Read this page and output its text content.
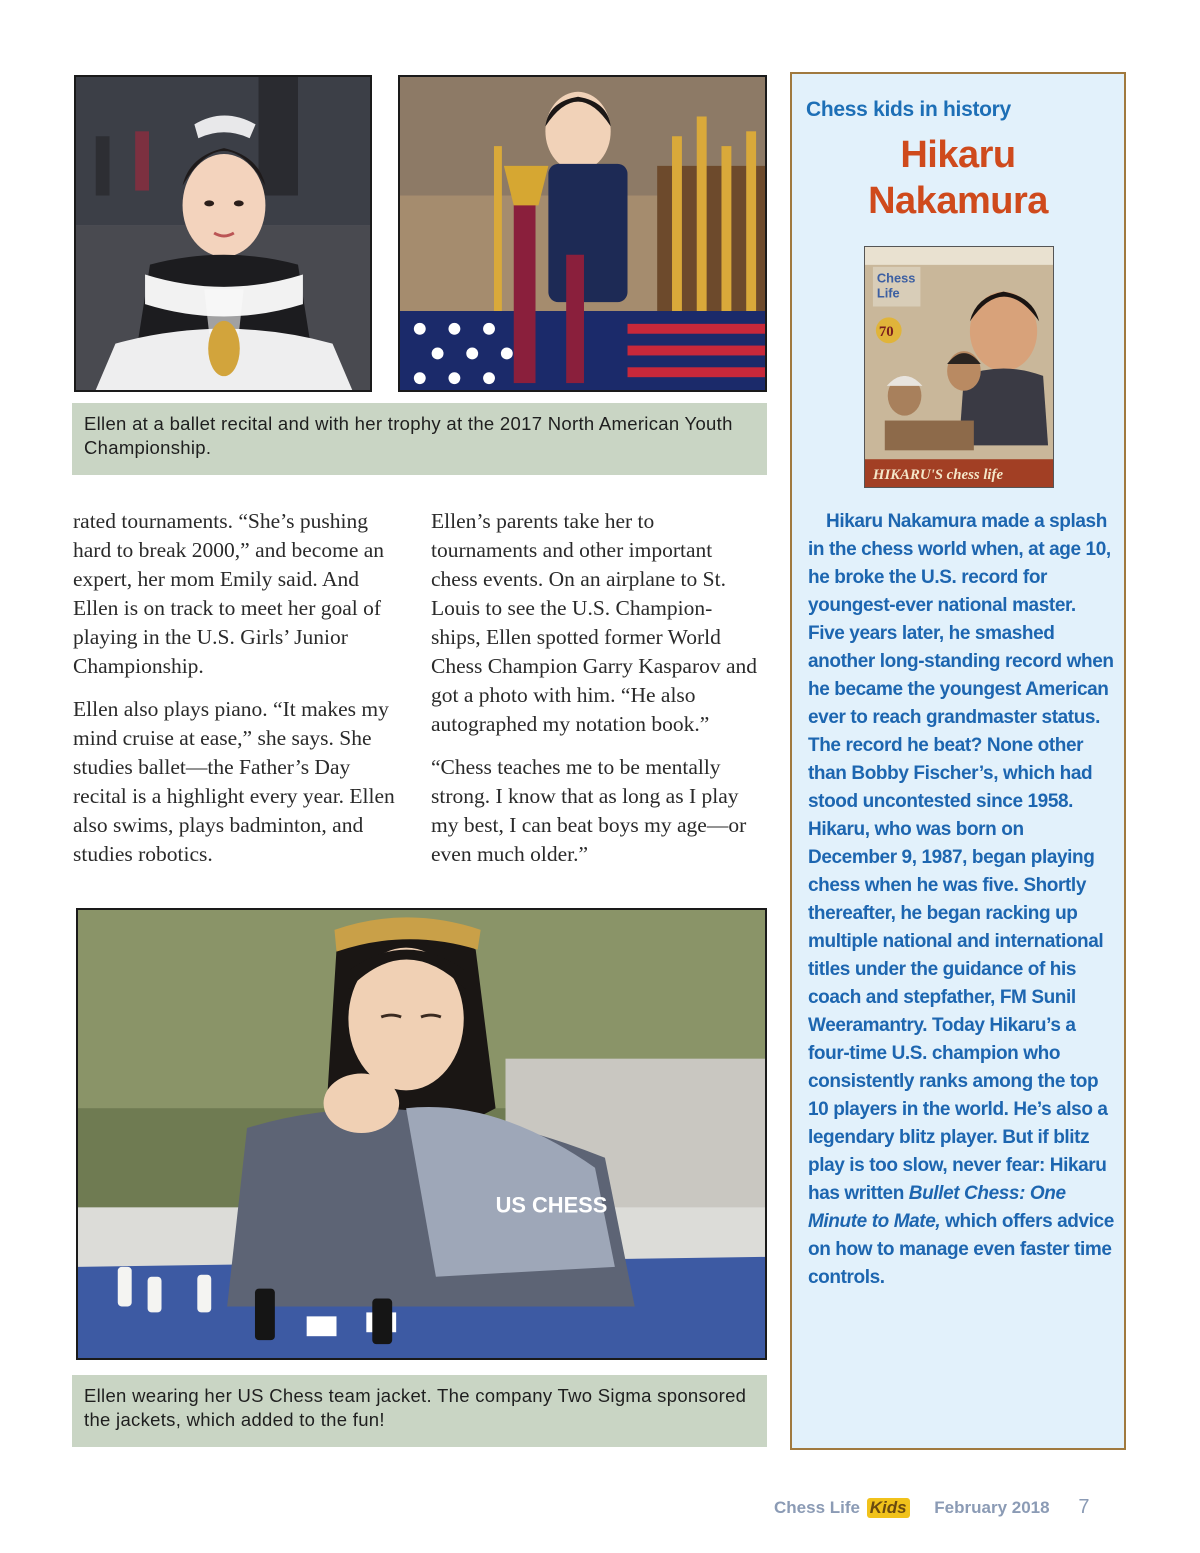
Ellen at a ballet recital and with her trophy at the 2017 North American Youth Championship.

rated tournaments. “She’s pushing hard to break 2000,” and become an expert, her mom Emily said. And Ellen is on track to meet her goal of playing in the U.S. Girls’ Junior Championship.

Ellen also plays piano. “It makes my mind cruise at ease,” she says. She studies ballet—the Father’s Day recital is a highlight every year. Ellen also swims, plays badminton, and studies robotics.

Ellen’s parents take her to tournaments and other important chess events. On an airplane to St. Louis to see the U.S. Champion-ships, Ellen spotted former World Chess Champion Garry Kasparov and got a photo with him. “He also autographed my notation book.”

“Chess teaches me to be mentally strong. I know that as long as I play my best, I can beat boys my age—or even much older.”

US CHESS
Ellen wearing her US Chess team jacket. The company Two Sigma sponsored the jackets, which added to the fun!
Chess kids in history
Hikaru
Nakamura
Chess
Life
70
HIKARU'S chess life
Hikaru Nakamura made a splash in the chess world when, at age 10, he broke the U.S. record for youngest-ever national master. Five years later, he smashed another long-standing record when he became the youngest American ever to reach grandmaster status. The record he beat? None other than Bobby Fischer’s, which had stood uncontested since 1958. Hikaru, who was born on December 9, 1987, began playing chess when he was five. Shortly thereafter, he began racking up multiple national and international titles under the guidance of his coach and stepfather, FM Sunil Weeramantry. Today Hikaru’s a four-time U.S. champion who consistently ranks among the top 10 players in the world. He’s also a legendary blitz player. But if blitz play is too slow, never fear: Hikaru has written Bullet Chess: One Minute to Mate, which offers advice on how to manage even faster time controls.
Chess Life Kids February 2018 7
